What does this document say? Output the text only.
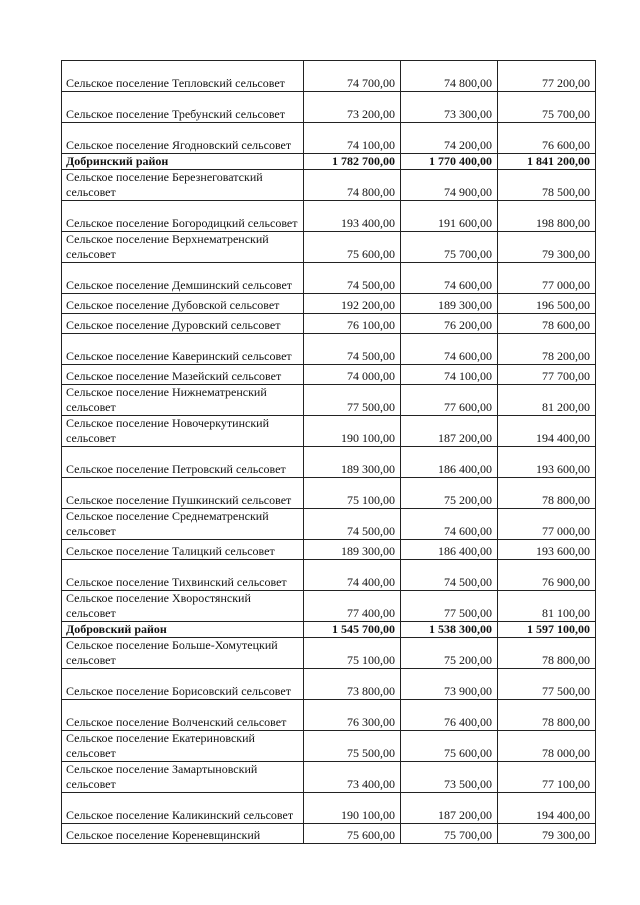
Сельское поселение Тепловский сельсовет	74 700,00	74 800,00	77 200,00
Сельское поселение Требунский сельсовет	73 200,00	73 300,00	75 700,00
Сельское поселение Ягодновский сельсовет	74 100,00	74 200,00	76 600,00
Добринский район	1 782 700,00	1 770 400,00	1 841 200,00
Сельское поселение Березнеговатский сельсовет	74 800,00	74 900,00	78 500,00
Сельское поселение Богородицкий сельсовет	193 400,00	191 600,00	198 800,00
Сельское поселение Верхнематренский сельсовет	75 600,00	75 700,00	79 300,00
Сельское поселение Демшинский сельсовет	74 500,00	74 600,00	77 000,00
Сельское поселение Дубовской сельсовет	192 200,00	189 300,00	196 500,00
Сельское поселение Дуровский сельсовет	76 100,00	76 200,00	78 600,00
Сельское поселение Каверинский сельсовет	74 500,00	74 600,00	78 200,00
Сельское поселение Мазейский сельсовет	74 000,00	74 100,00	77 700,00
Сельское поселение Нижнематренский сельсовет	77 500,00	77 600,00	81 200,00
Сельское поселение Новочеркутинский сельсовет	190 100,00	187 200,00	194 400,00
Сельское поселение Петровский сельсовет	189 300,00	186 400,00	193 600,00
Сельское поселение Пушкинский сельсовет	75 100,00	75 200,00	78 800,00
Сельское поселение Среднематренский сельсовет	74 500,00	74 600,00	77 000,00
Сельское поселение Талицкий сельсовет	189 300,00	186 400,00	193 600,00
Сельское поселение Тихвинский сельсовет	74 400,00	74 500,00	76 900,00
Сельское поселение Хворостянский сельсовет	77 400,00	77 500,00	81 100,00
Добровский район	1 545 700,00	1 538 300,00	1 597 100,00
Сельское поселение Больше-Хомутецкий сельсовет	75 100,00	75 200,00	78 800,00
Сельское поселение Борисовский сельсовет	73 800,00	73 900,00	77 500,00
Сельское поселение Волченский сельсовет	76 300,00	76 400,00	78 800,00
Сельское поселение Екатериновский сельсовет	75 500,00	75 600,00	78 000,00
Сельское поселение Замартыновский сельсовет	73 400,00	73 500,00	77 100,00
Сельское поселение Каликинский сельсовет	190 100,00	187 200,00	194 400,00
Сельское поселение Кореневщинский	75 600,00	75 700,00	79 300,00
